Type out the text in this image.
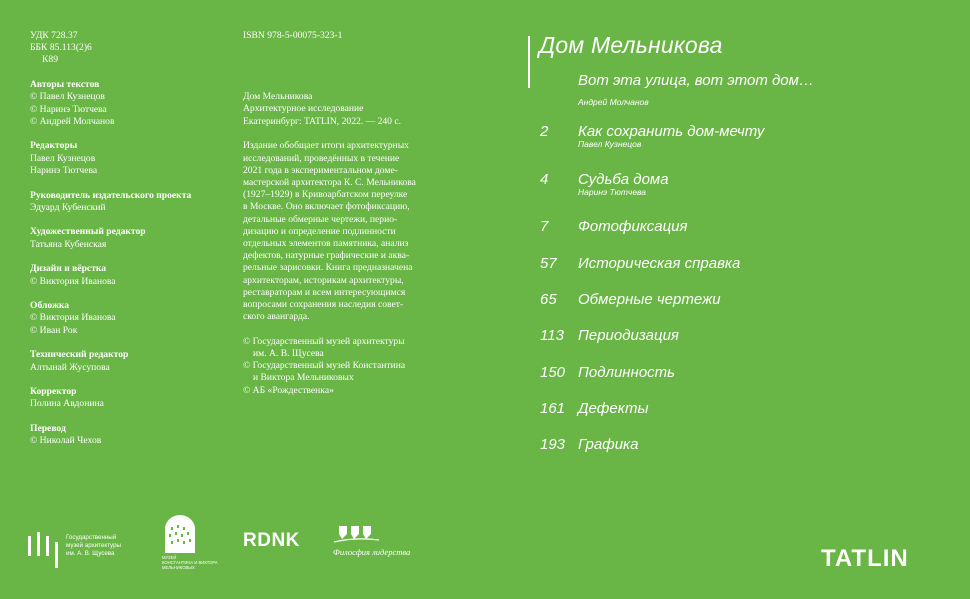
УДК 728.37
ББК 85.113(2)6
К89
Авторы текстов
© Павел Кузнецов
© Наринэ Тютчева
© Андрей Молчанов
Редакторы
Павел Кузнецов
Наринэ Тютчева
Руководитель издательского проекта
Эдуард Кубенский
Художественный редактор
Татьяна Кубенская
Дизайн и вёрстка
© Виктория Иванова
Обложка
© Виктория Иванова
© Иван Рок
Технический редактор
Алтынай Жусупова
Корректор
Полина Авдонина
Перевод
© Николай Чехов
ISBN 978-5-00075-323-1
Дом Мельникова
Архитектурное исследование
Екатеринбург: TATLIN, 2022. — 240 с.
Издание обобщает итоги архитектурных
исследований, проведённых в течение
2021 года в экспериментальном доме-
мастерской архитектора К. С. Мельникова
(1927–1929) в Кривоарбатском переулке
в Москве. Оно включает фотофиксацию,
детальные обмерные чертежи, перио-
дизацию и определение подлинности
отдельных элементов памятника, анализ
дефектов, натурные графические и аква-
рельные зарисовки. Книга предназначена
архитекторам, историкам архитектуры,
реставраторам и всем интересующимся
вопросами сохранения наследия совет-
ского авангарда.
© Государственный музей архитектуры
им. А. В. Щусева
© Государственный музей Константина
и Виктора Мельниковых
© АБ «Рождественка»
Дом Мельникова
Вот эта улица, вот этот дом…
Андрей Молчанов
2 Как сохранить дом-мечту
Павел Кузнецов
4 Судьба дома
Наринэ Тютчева
7 Фотофиксация
57 Историческая справка
65 Обмерные чертежи
113 Периодизация
150 Подлинность
161 Дефекты
193 Графика
Государственный
музей архитектуры
им. А. В. Щусева
МУЗЕЙ
КОНСТАНТИНА И ВИКТОРА
МЕЛЬНИКОВЫХ
RDNK
Филосфия лидерства	TATLIN
